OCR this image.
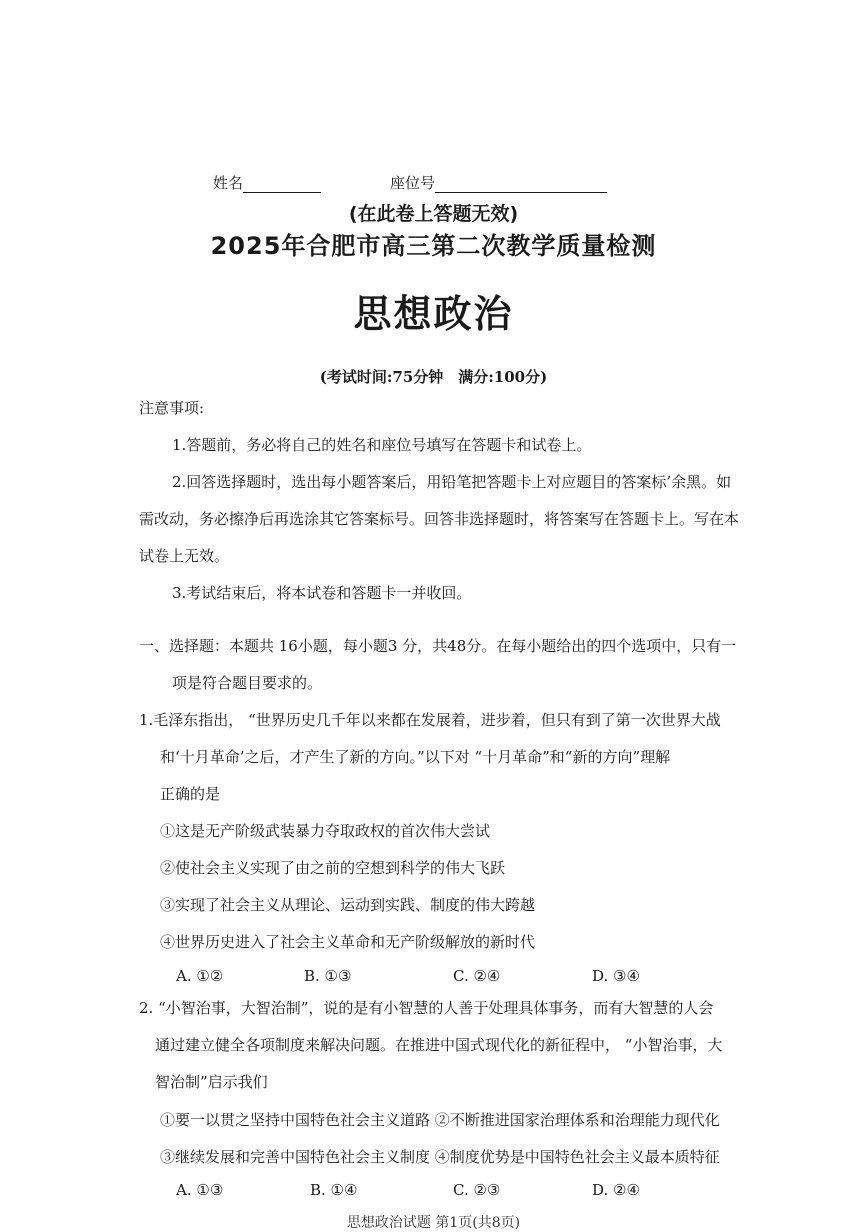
姓名	座位号
(在此卷上答题无效)
2025年合肥市高三第二次教学质量检测
思想政治
(考试时间:75分钟　满分:100分)
注意事项:
1.答题前，务必将自己的姓名和座位号填写在答题卡和试卷上。
2.回答选择题时，选出每小题答案后，用铅笔把答题卡上对应题目的答案标’余黑。如
需改动，务必擦净后再选涂其它答案标号。回答非选择题时，将答案写在答题卡上。写在本
试卷上无效。
3.考试结束后，将本试卷和答题卡一并收回。
一、选择题：本题共 16小题，每小题3 分，共48分。在每小题给出的四个选项中，只有一
项是符合题目要求的。
1.毛泽东指出， “世界历史几千年以来都在发展着，进步着，但只有到了第一次世界大战
和‘十月革命’之后，才产生了新的方向。”以下对 “十月革命”和“新的方向”理解
正确的是
①这是无产阶级武装暴力夺取政权的首次伟大尝试
②使社会主义实现了由之前的空想到科学的伟大飞跃
③实现了社会主义从理论、运动到实践、制度的伟大跨越
④世界历史进入了社会主义革命和无产阶级解放的新时代
A. ①②	B. ①③	C. ②④	D. ③④
2. “小智治事，大智治制”，说的是有小智慧的人善于处理具体事务，而有大智慧的人会
通过建立健全各项制度来解决问题。在推进中国式现代化的新征程中， “小智治事，大
智治制”启示我们
①要一以贯之坚持中国特色社会主义道路 ②不断推进国家治理体系和治理能力现代化
③继续发展和完善中国特色社会主义制度 ④制度优势是中国特色社会主义最本质特征
A. ①③	B. ①④	C. ②③	D. ②④
思想政治试题 第1页(共8页)
